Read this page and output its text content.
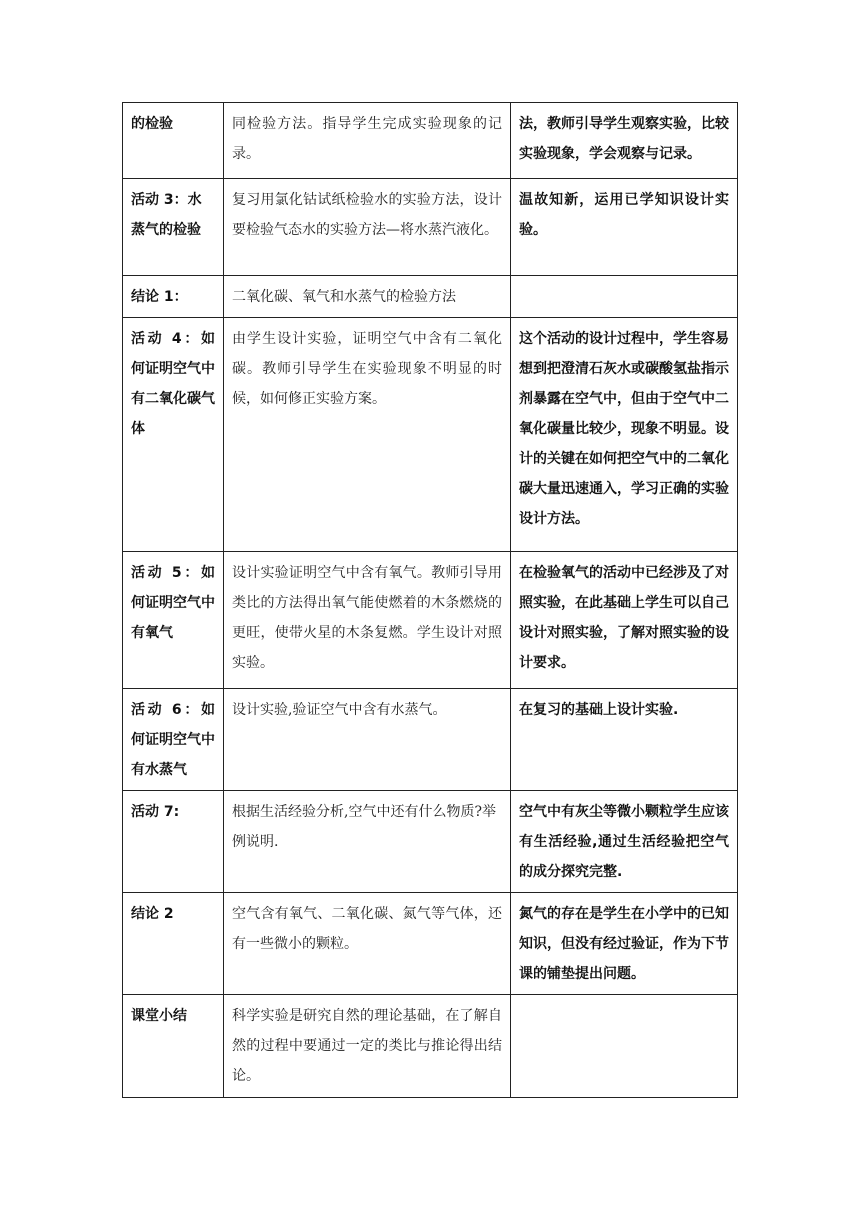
的检验	同检验方法。指导学生完成实验现象的记录。	法，教师引导学生观察实验，比较实验现象，学会观察与记录。
活动 3：水蒸气的检验	复习用氯化钴试纸检验水的实验方法，设计要检验气态水的实验方法—将水蒸汽液化。	温故知新，运用已学知识设计实验。
结论 1：	二氧化碳、氧气和水蒸气的检验方法	
活动 4：如何证明空气中有二氧化碳气体	由学生设计实验，证明空气中含有二氧化碳。教师引导学生在实验现象不明显的时候，如何修正实验方案。	这个活动的设计过程中，学生容易想到把澄清石灰水或碳酸氢盐指示剂暴露在空气中，但由于空气中二氧化碳量比较少，现象不明显。设计的关键在如何把空气中的二氧化碳大量迅速通入，学习正确的实验设计方法。
活动 5：如何证明空气中有氧气	设计实验证明空气中含有氧气。教师引导用类比的方法得出氧气能使燃着的木条燃烧的更旺，使带火星的木条复燃。学生设计对照实验。	在检验氧气的活动中已经涉及了对照实验，在此基础上学生可以自己设计对照实验，了解对照实验的设计要求。
活动 6：如何证明空气中有水蒸气	设计实验,验证空气中含有水蒸气。	在复习的基础上设计实验.
活动 7:	根据生活经验分析,空气中还有什么物质?举例说明.	空气中有灰尘等微小颗粒学生应该有生活经验,通过生活经验把空气的成分探究完整.
结论 2	空气含有氧气、二氧化碳、氮气等气体，还有一些微小的颗粒。	氮气的存在是学生在小学中的已知知识，但没有经过验证，作为下节课的铺垫提出问题。
课堂小结	科学实验是研究自然的理论基础，在了解自然的过程中要通过一定的类比与推论得出结论。	
